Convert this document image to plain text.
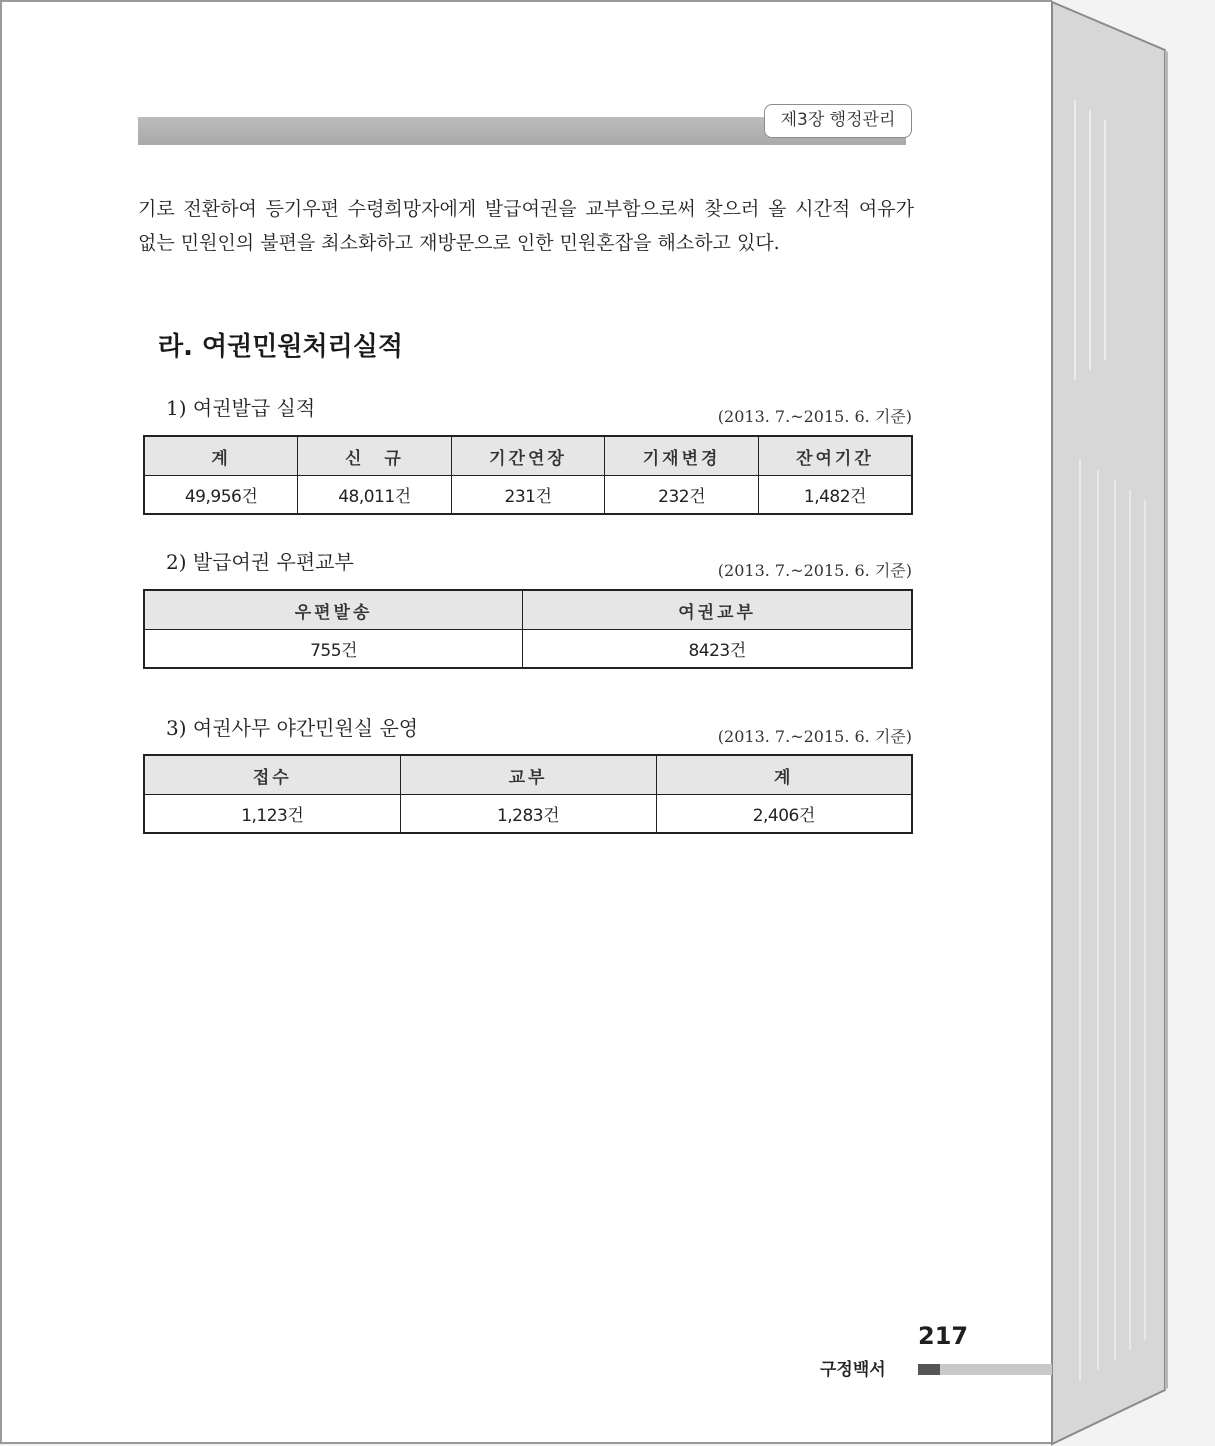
제3장 행정관리

기로 전환하여 등기우편 수령희망자에게 발급여권을 교부함으로써 찾으러 올 시간적 여유가 없는 민원인의 불편을 최소화하고 재방문으로 인한 민원혼잡을 해소하고 있다.

라. 여권민원처리실적

1) 여권발급 실적	(2013. 7.~2015. 6. 기준)
계	신　규	기간연장	기재변경	잔여기간
49,956건	48,011건	231건	232건	1,482건

2) 발급여권 우편교부	(2013. 7.~2015. 6. 기준)
우편발송	여권교부
755건	8423건

3) 여권사무 야간민원실 운영	(2013. 7.~2015. 6. 기준)
접수	교부	계
1,123건	1,283건	2,406건
217
구정백서
